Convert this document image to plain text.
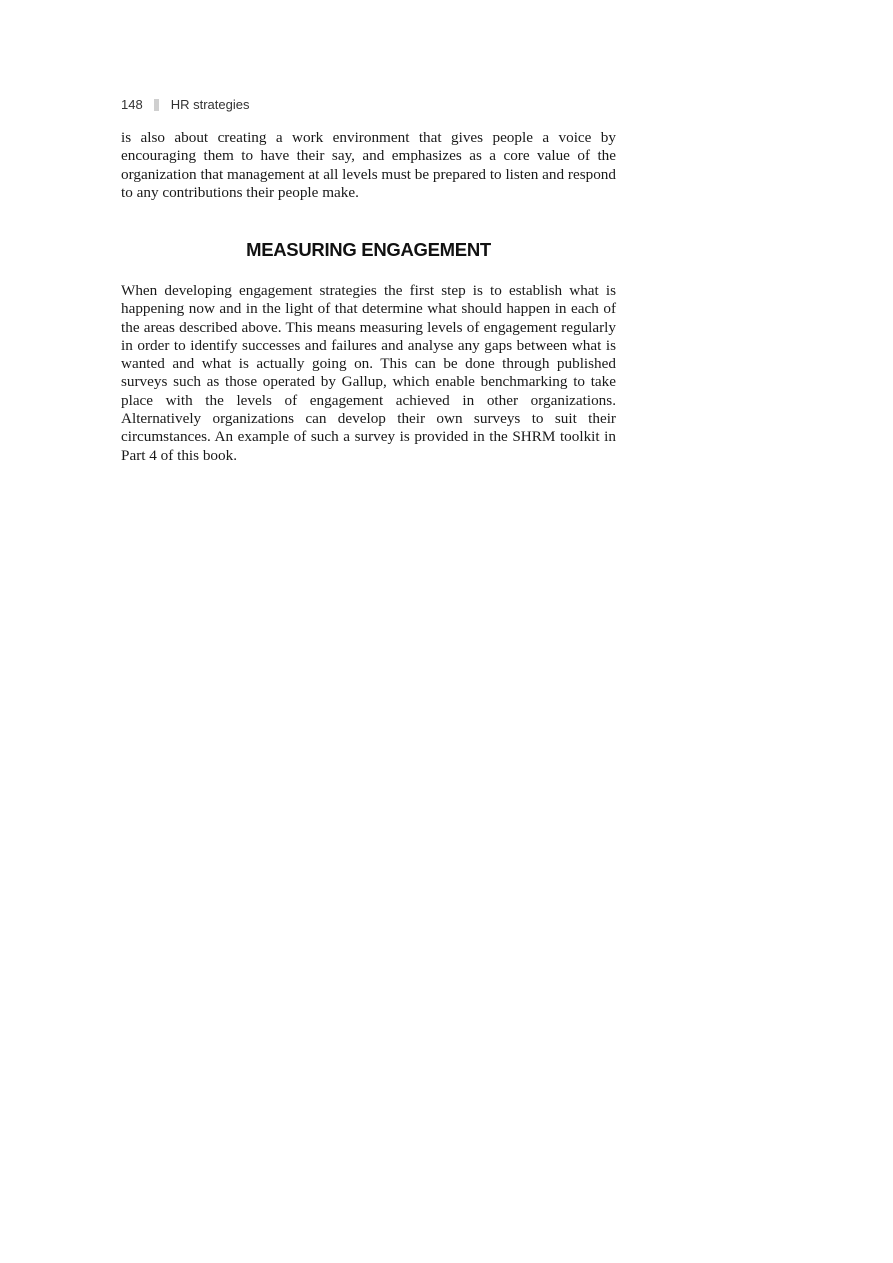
148 HR strategies

is also about creating a work environment that gives people a voice by encouraging them to have their say, and emphasizes as a core value of the organization that management at all levels must be prepared to listen and respond to any contributions their people make.

MEASURING ENGAGEMENT

When developing engagement strategies the first step is to establish what is happening now and in the light of that determine what should happen in each of the areas described above. This means measuring levels of engagement regularly in order to identify successes and failures and analyse any gaps between what is wanted and what is actually going on. This can be done through published surveys such as those operated by Gallup, which enable benchmarking to take place with the levels of engagement achieved in other organizations. Alternatively organizations can develop their own surveys to suit their circumstances. An example of such a survey is provided in the SHRM toolkit in Part 4 of this book.
